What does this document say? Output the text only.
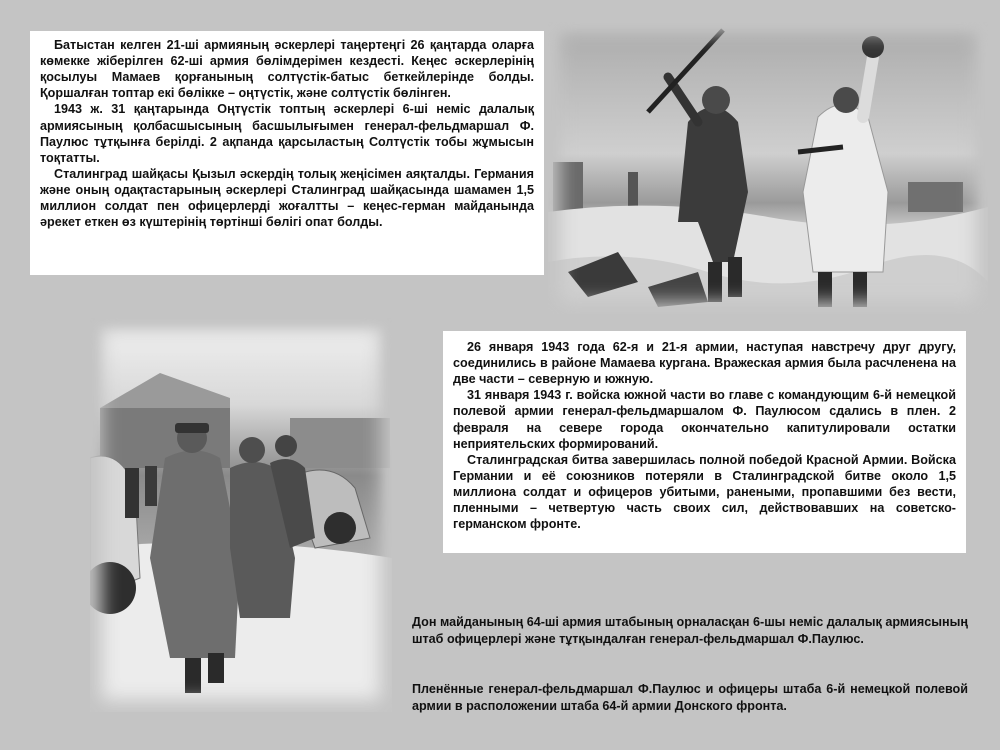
Батыстан келген 21-ші армияның әскерлері таңертеңгі 26 қаңтарда оларға көмекке жіберілген 62-ші армия бөлімдерімен кездесті. Кеңес әскерлерінің қосылуы Мамаев қорғанының солтүстік-батыс беткейлерінде болды. Қоршалған топтар екі бөлікке – оңтүстік, және солтүстік бөлінген.

1943 ж. 31 қаңтарында Оңтүстік топтың әскерлері 6-ші неміс далалық армиясының қолбасшысының басшылығымен генерал-фельдмаршал Ф. Паулюс тұтқынға берілді. 2 ақпанда қарсыластың Солтүстік тобы жұмысын тоқтатты.

Сталинград шайқасы Қызыл әскердің толық жеңісімен аяқталды. Германия және оның одақтастарының әскерлері Сталинград шайқасында шамамен 1,5 миллион солдат пен офицерлерді жоғалтты – кеңес-герман майданында әрекет еткен өз күштерінің төртінші бөлігі опат болды.

26 января 1943 года 62-я и 21-я армии, наступая навстречу друг другу, соединились в районе Мамаева кургана. Вражеская армия была расчленена на две части – северную и южную.

31 января 1943 г. войска южной части во главе с командующим 6-й немецкой полевой армии генерал-фельдмаршалом Ф. Паулюсом сдались в плен. 2 февраля на севере города окончательно капитулировали остатки неприятельских формирований.

Сталинградская битва завершилась полной победой Красной Армии. Войска Германии и её союзников потеряли в Сталинградской битве около 1,5 миллиона солдат и офицеров убитыми, ранеными, пропавшими без вести, пленными – четвертую часть своих сил, действовавших на советско-германском фронте.

Дон майданының 64-ші армия штабының орналасқан 6-шы неміс далалық армиясының штаб офицерлері және тұтқындалған генерал-фельдмаршал Ф.Паулюс.
Пленённые генерал-фельдмаршал Ф.Паулюс и офицеры штаба 6-й немецкой полевой армии в расположении штаба 64-й армии Донского фронта.
